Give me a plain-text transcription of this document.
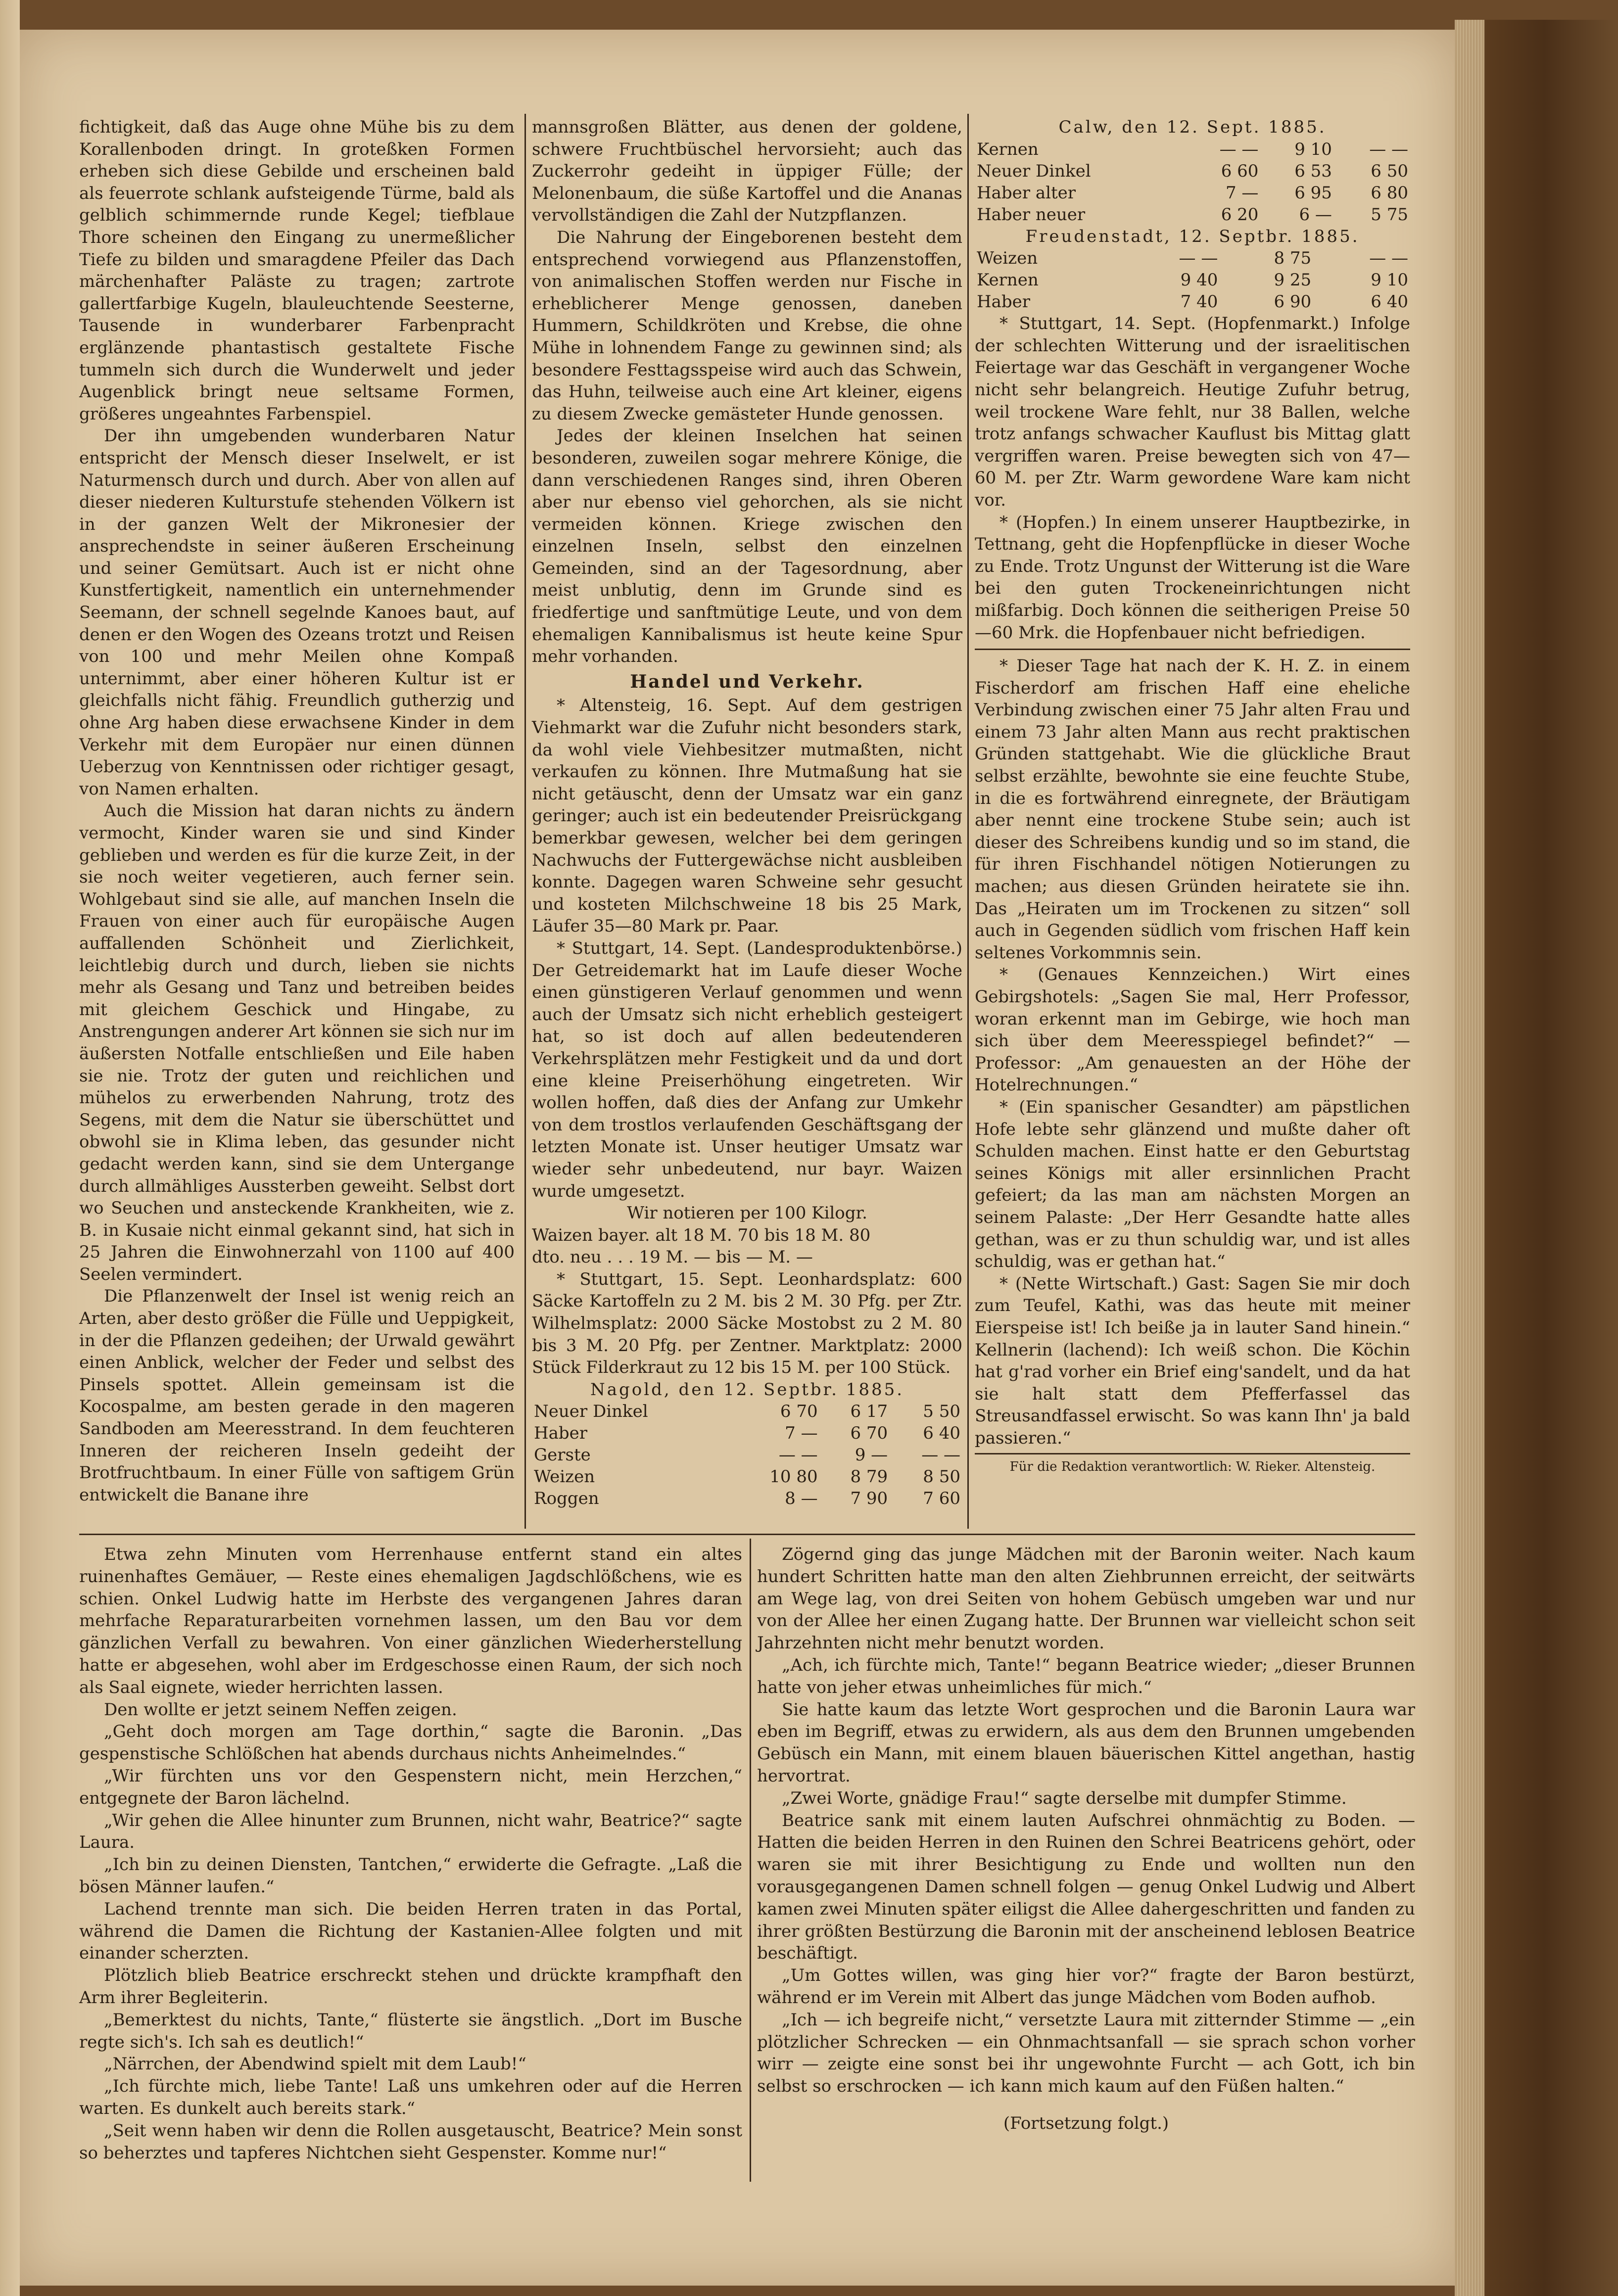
fichtigkeit, daß das Auge ohne Mühe bis zu dem Korallenboden dringt. In groteßken Formen erheben sich diese Gebilde und erscheinen bald als feuerrote schlank aufsteigende Türme, bald als gelblich schimmernde runde Kegel; tiefblaue Thore scheinen den Eingang zu unermeßlicher Tiefe zu bilden und smaragdene Pfeiler das Dach märchenhafter Paläste zu tragen; zartrote gallertfarbige Kugeln, blauleuchtende Seesterne, Tausende in wunderbarer Farbenpracht erglänzende phantastisch gestaltete Fische tummeln sich durch die Wunderwelt und jeder Augenblick bringt neue seltsame Formen, größeres ungeahntes Farbenspiel.

Der ihn umgebenden wunderbaren Natur entspricht der Mensch dieser Inselwelt, er ist Naturmensch durch und durch. Aber von allen auf dieser niederen Kulturstufe stehenden Völkern ist in der ganzen Welt der Mikronesier der ansprechendste in seiner äußeren Erscheinung und seiner Gemütsart. Auch ist er nicht ohne Kunstfertigkeit, namentlich ein unternehmender Seemann, der schnell segelnde Kanoes baut, auf denen er den Wogen des Ozeans trotzt und Reisen von 100 und mehr Meilen ohne Kompaß unternimmt, aber einer höheren Kultur ist er gleichfalls nicht fähig. Freundlich gutherzig und ohne Arg haben diese erwachsene Kinder in dem Verkehr mit dem Europäer nur einen dünnen Ueberzug von Kenntnissen oder richtiger gesagt, von Namen erhalten.

Auch die Mission hat daran nichts zu ändern vermocht, Kinder waren sie und sind Kinder geblieben und werden es für die kurze Zeit, in der sie noch weiter vegetieren, auch ferner sein. Wohlgebaut sind sie alle, auf manchen Inseln die Frauen von einer auch für europäische Augen auffallenden Schönheit und Zierlichkeit, leichtlebig durch und durch, lieben sie nichts mehr als Gesang und Tanz und betreiben beides mit gleichem Geschick und Hingabe, zu Anstrengungen anderer Art können sie sich nur im äußersten Notfalle entschließen und Eile haben sie nie. Trotz der guten und reichlichen und mühelos zu erwerbenden Nahrung, trotz des Segens, mit dem die Natur sie überschüttet und obwohl sie in Klima leben, das gesunder nicht gedacht werden kann, sind sie dem Untergange durch allmähliges Aussterben geweiht. Selbst dort wo Seuchen und ansteckende Krankheiten, wie z. B. in Kusaie nicht einmal gekannt sind, hat sich in 25 Jahren die Einwohnerzahl von 1100 auf 400 Seelen vermindert.

Die Pflanzenwelt der Insel ist wenig reich an Arten, aber desto größer die Fülle und Ueppigkeit, in der die Pflanzen gedeihen; der Urwald gewährt einen Anblick, welcher der Feder und selbst des Pinsels spottet. Allein gemeinsam ist die Kocospalme, am besten gerade in den mageren Sandboden am Meeresstrand. In dem feuchteren Inneren der reicheren Inseln gedeiht der Brotfruchtbaum. In einer Fülle von saftigem Grün entwickelt die Banane ihre

mannsgroßen Blätter, aus denen der goldene, schwere Fruchtbüschel hervorsieht; auch das Zuckerrohr gedeiht in üppiger Fülle; der Melonenbaum, die süße Kartoffel und die Ananas vervollständigen die Zahl der Nutzpflanzen.

Die Nahrung der Eingeborenen besteht dem entsprechend vorwiegend aus Pflanzenstoffen, von animalischen Stoffen werden nur Fische in erheblicherer Menge genossen, daneben Hummern, Schildkröten und Krebse, die ohne Mühe in lohnendem Fange zu gewinnen sind; als besondere Festtagsspeise wird auch das Schwein, das Huhn, teilweise auch eine Art kleiner, eigens zu diesem Zwecke gemästeter Hunde genossen.

Jedes der kleinen Inselchen hat seinen besonderen, zuweilen sogar mehrere Könige, die dann verschiedenen Ranges sind, ihren Oberen aber nur ebenso viel gehorchen, als sie nicht vermeiden können. Kriege zwischen den einzelnen Inseln, selbst den einzelnen Gemeinden, sind an der Tagesordnung, aber meist unblutig, denn im Grunde sind es friedfertige und sanftmütige Leute, und von dem ehemaligen Kannibalismus ist heute keine Spur mehr vorhanden.

Handel und Verkehr.

* Altensteig, 16. Sept. Auf dem gestrigen Viehmarkt war die Zufuhr nicht besonders stark, da wohl viele Viehbesitzer mutmaßten, nicht verkaufen zu können. Ihre Mutmaßung hat sie nicht getäuscht, denn der Umsatz war ein ganz geringer; auch ist ein bedeutender Preisrückgang bemerkbar gewesen, welcher bei dem geringen Nachwuchs der Futtergewächse nicht ausbleiben konnte. Dagegen waren Schweine sehr gesucht und kosteten Milchschweine 18 bis 25 Mark, Läufer 35—80 Mark pr. Paar.

* Stuttgart, 14. Sept. (Landesproduktenbörse.) Der Getreidemarkt hat im Laufe dieser Woche einen günstigeren Verlauf genommen und wenn auch der Umsatz sich nicht erheblich gesteigert hat, so ist doch auf allen bedeutenderen Verkehrsplätzen mehr Festigkeit und da und dort eine kleine Preiserhöhung eingetreten. Wir wollen hoffen, daß dies der Anfang zur Umkehr von dem trostlos verlaufenden Geschäftsgang der letzten Monate ist. Unser heutiger Umsatz war wieder sehr unbedeutend, nur bayr. Waizen wurde umgesetzt.

Wir notieren per 100 Kilogr.

Waizen bayer. alt 18 M. 70 bis 18 M. 80

dto. neu . . . 19 M. — bis — M. —

* Stuttgart, 15. Sept. Leonhardsplatz: 600 Säcke Kartoffeln zu 2 M. bis 2 M. 30 Pfg. per Ztr. Wilhelmsplatz: 2000 Säcke Mostobst zu 2 M. 80 bis 3 M. 20 Pfg. per Zentner. Marktplatz: 2000 Stück Filderkraut zu 12 bis 15 M. per 100 Stück.

Nagold, den 12. Septbr. 1885.

Neuer Dinkel	6 70	6 17	5 50
Haber	7 —	6 70	6 40
Gerste	— —	9 —	— —
Weizen	10 80	8 79	8 50
Roggen	8 —	7 90	7 60

Calw, den 12. Sept. 1885.

Kernen	— —	9 10	— —
Neuer Dinkel	6 60	6 53	6 50
Haber alter	7 —	6 95	6 80
Haber neuer	6 20	6 —	5 75

Freudenstadt, 12. Septbr. 1885.

Weizen	— —	8 75	— —
Kernen	9 40	9 25	9 10
Haber	7 40	6 90	6 40

* Stuttgart, 14. Sept. (Hopfenmarkt.) Infolge der schlechten Witterung und der israelitischen Feiertage war das Geschäft in vergangener Woche nicht sehr belangreich. Heutige Zufuhr betrug, weil trockene Ware fehlt, nur 38 Ballen, welche trotz anfangs schwacher Kauflust bis Mittag glatt vergriffen waren. Preise bewegten sich von 47—60 M. per Ztr. Warm gewordene Ware kam nicht vor.

* (Hopfen.) In einem unserer Hauptbezirke, in Tettnang, geht die Hopfenpflücke in dieser Woche zu Ende. Trotz Ungunst der Witterung ist die Ware bei den guten Trockeneinrichtungen nicht mißfarbig. Doch können die seitherigen Preise 50—60 Mrk. die Hopfenbauer nicht befriedigen.

* Dieser Tage hat nach der K. H. Z. in einem Fischerdorf am frischen Haff eine eheliche Verbindung zwischen einer 75 Jahr alten Frau und einem 73 Jahr alten Mann aus recht praktischen Gründen stattgehabt. Wie die glückliche Braut selbst erzählte, bewohnte sie eine feuchte Stube, in die es fortwährend einregnete, der Bräutigam aber nennt eine trockene Stube sein; auch ist dieser des Schreibens kundig und so im stand, die für ihren Fischhandel nötigen Notierungen zu machen; aus diesen Gründen heiratete sie ihn. Das „Heiraten um im Trockenen zu sitzen“ soll auch in Gegenden südlich vom frischen Haff kein seltenes Vorkommnis sein.

* (Genaues Kennzeichen.) Wirt eines Gebirgshotels: „Sagen Sie mal, Herr Professor, woran erkennt man im Gebirge, wie hoch man sich über dem Meeresspiegel befindet?“ — Professor: „Am genauesten an der Höhe der Hotelrechnungen.“

* (Ein spanischer Gesandter) am päpstlichen Hofe lebte sehr glänzend und mußte daher oft Schulden machen. Einst hatte er den Geburtstag seines Königs mit aller ersinnlichen Pracht gefeiert; da las man am nächsten Morgen an seinem Palaste: „Der Herr Gesandte hatte alles gethan, was er zu thun schuldig war, und ist alles schuldig, was er gethan hat.“

* (Nette Wirtschaft.) Gast: Sagen Sie mir doch zum Teufel, Kathi, was das heute mit meiner Eierspeise ist! Ich beiße ja in lauter Sand hinein.“ Kellnerin (lachend): Ich weiß schon. Die Köchin hat g'rad vorher ein Brief eing'sandelt, und da hat sie halt statt dem Pfefferfassel das Streusandfassel erwischt. So was kann Ihn' ja bald passieren.“

Für die Redaktion verantwortlich: W. Rieker. Altensteig.

Etwa zehn Minuten vom Herrenhause entfernt stand ein altes ruinenhaftes Gemäuer, — Reste eines ehemaligen Jagdschlößchens, wie es schien. Onkel Ludwig hatte im Herbste des vergangenen Jahres daran mehrfache Reparaturarbeiten vornehmen lassen, um den Bau vor dem gänzlichen Verfall zu bewahren. Von einer gänzlichen Wiederherstellung hatte er abgesehen, wohl aber im Erdgeschosse einen Raum, der sich noch als Saal eignete, wieder herrichten lassen.

Den wollte er jetzt seinem Neffen zeigen.

„Geht doch morgen am Tage dorthin,“ sagte die Baronin. „Das gespenstische Schlößchen hat abends durchaus nichts Anheimelndes.“

„Wir fürchten uns vor den Gespenstern nicht, mein Herzchen,“ entgegnete der Baron lächelnd.

„Wir gehen die Allee hinunter zum Brunnen, nicht wahr, Beatrice?“ sagte Laura.

„Ich bin zu deinen Diensten, Tantchen,“ erwiderte die Gefragte. „Laß die bösen Männer laufen.“

Lachend trennte man sich. Die beiden Herren traten in das Portal, während die Damen die Richtung der Kastanien-Allee folgten und mit einander scherzten.

Plötzlich blieb Beatrice erschreckt stehen und drückte krampfhaft den Arm ihrer Begleiterin.

„Bemerktest du nichts, Tante,“ flüsterte sie ängstlich. „Dort im Busche regte sich's. Ich sah es deutlich!“

„Närrchen, der Abendwind spielt mit dem Laub!“

„Ich fürchte mich, liebe Tante! Laß uns umkehren oder auf die Herren warten. Es dunkelt auch bereits stark.“

„Seit wenn haben wir denn die Rollen ausgetauscht, Beatrice? Mein sonst so beherztes und tapferes Nichtchen sieht Gespenster. Komme nur!“

Zögernd ging das junge Mädchen mit der Baronin weiter. Nach kaum hundert Schritten hatte man den alten Ziehbrunnen erreicht, der seitwärts am Wege lag, von drei Seiten von hohem Gebüsch umgeben war und nur von der Allee her einen Zugang hatte. Der Brunnen war vielleicht schon seit Jahrzehnten nicht mehr benutzt worden.

„Ach, ich fürchte mich, Tante!“ begann Beatrice wieder; „dieser Brunnen hatte von jeher etwas unheimliches für mich.“

Sie hatte kaum das letzte Wort gesprochen und die Baronin Laura war eben im Begriff, etwas zu erwidern, als aus dem den Brunnen umgebenden Gebüsch ein Mann, mit einem blauen bäuerischen Kittel angethan, hastig hervortrat.

„Zwei Worte, gnädige Frau!“ sagte derselbe mit dumpfer Stimme.

Beatrice sank mit einem lauten Aufschrei ohnmächtig zu Boden. — Hatten die beiden Herren in den Ruinen den Schrei Beatricens gehört, oder waren sie mit ihrer Besichtigung zu Ende und wollten nun den vorausgegangenen Damen schnell folgen — genug Onkel Ludwig und Albert kamen zwei Minuten später eiligst die Allee dahergeschritten und fanden zu ihrer größten Bestürzung die Baronin mit der anscheinend leblosen Beatrice beschäftigt.

„Um Gottes willen, was ging hier vor?“ fragte der Baron bestürzt, während er im Verein mit Albert das junge Mädchen vom Boden aufhob.

„Ich — ich begreife nicht,“ versetzte Laura mit zitternder Stimme — „ein plötzlicher Schrecken — ein Ohnmachtsanfall — sie sprach schon vorher wirr — zeigte eine sonst bei ihr ungewohnte Furcht — ach Gott, ich bin selbst so erschrocken — ich kann mich kaum auf den Füßen halten.“

(Fortsetzung folgt.)
